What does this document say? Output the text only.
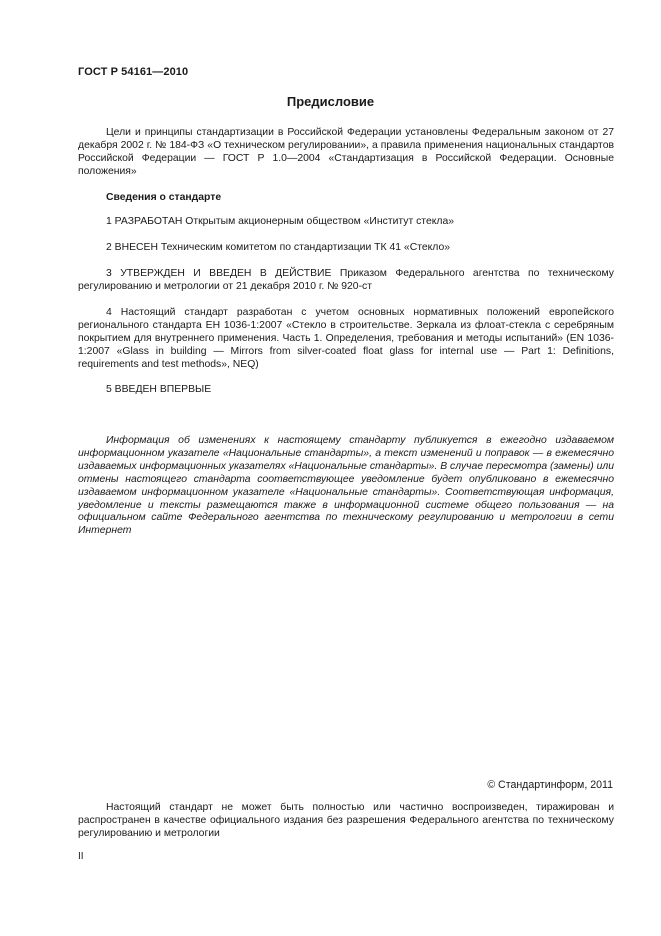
ГОСТ Р 54161—2010
Предисловие
Цели и принципы стандартизации в Российской Федерации установлены Федеральным законом от 27 декабря 2002 г. № 184-ФЗ «О техническом регулировании», а правила применения национальных стандартов Российской Федерации — ГОСТ Р 1.0—2004 «Стандартизация в Российской Федерации. Основные положения»
Сведения о стандарте
1 РАЗРАБОТАН Открытым акционерным обществом «Институт стекла»
2 ВНЕСЕН Техническим комитетом по стандартизации ТК 41 «Стекло»
3 УТВЕРЖДЕН И ВВЕДЕН В ДЕЙСТВИЕ Приказом Федерального агентства по техническому регулированию и метрологии от 21 декабря 2010 г. № 920-ст
4 Настоящий стандарт разработан с учетом основных нормативных положений европейского регионального стандарта ЕН 1036-1:2007 «Стекло в строительстве. Зеркала из флоат-стекла с серебряным покрытием для внутреннего применения. Часть 1. Определения, требования и методы испытаний» (EN 1036-1:2007 «Glass in building — Mirrors from silver-coated float glass for internal use — Part 1: Definitions, requirements and test methods», NEQ)
5 ВВЕДЕН ВПЕРВЫЕ
Информация об изменениях к настоящему стандарту публикуется в ежегодно издаваемом информационном указателе «Национальные стандарты», а текст изменений и поправок — в ежемесячно издаваемых информационных указателях «Национальные стандарты». В случае пересмотра (замены) или отмены настоящего стандарта соответствующее уведомление будет опубликовано в ежемесячно издаваемом информационном указателе «Национальные стандарты». Соответствующая информация, уведомление и тексты размещаются также в информационной системе общего пользования — на официальном сайте Федерального агентства по техническому регулированию и метрологии в сети Интернет
© Стандартинформ, 2011
Настоящий стандарт не может быть полностью или частично воспроизведен, тиражирован и распространен в качестве официального издания без разрешения Федерального агентства по техническому регулированию и метрологии
II
